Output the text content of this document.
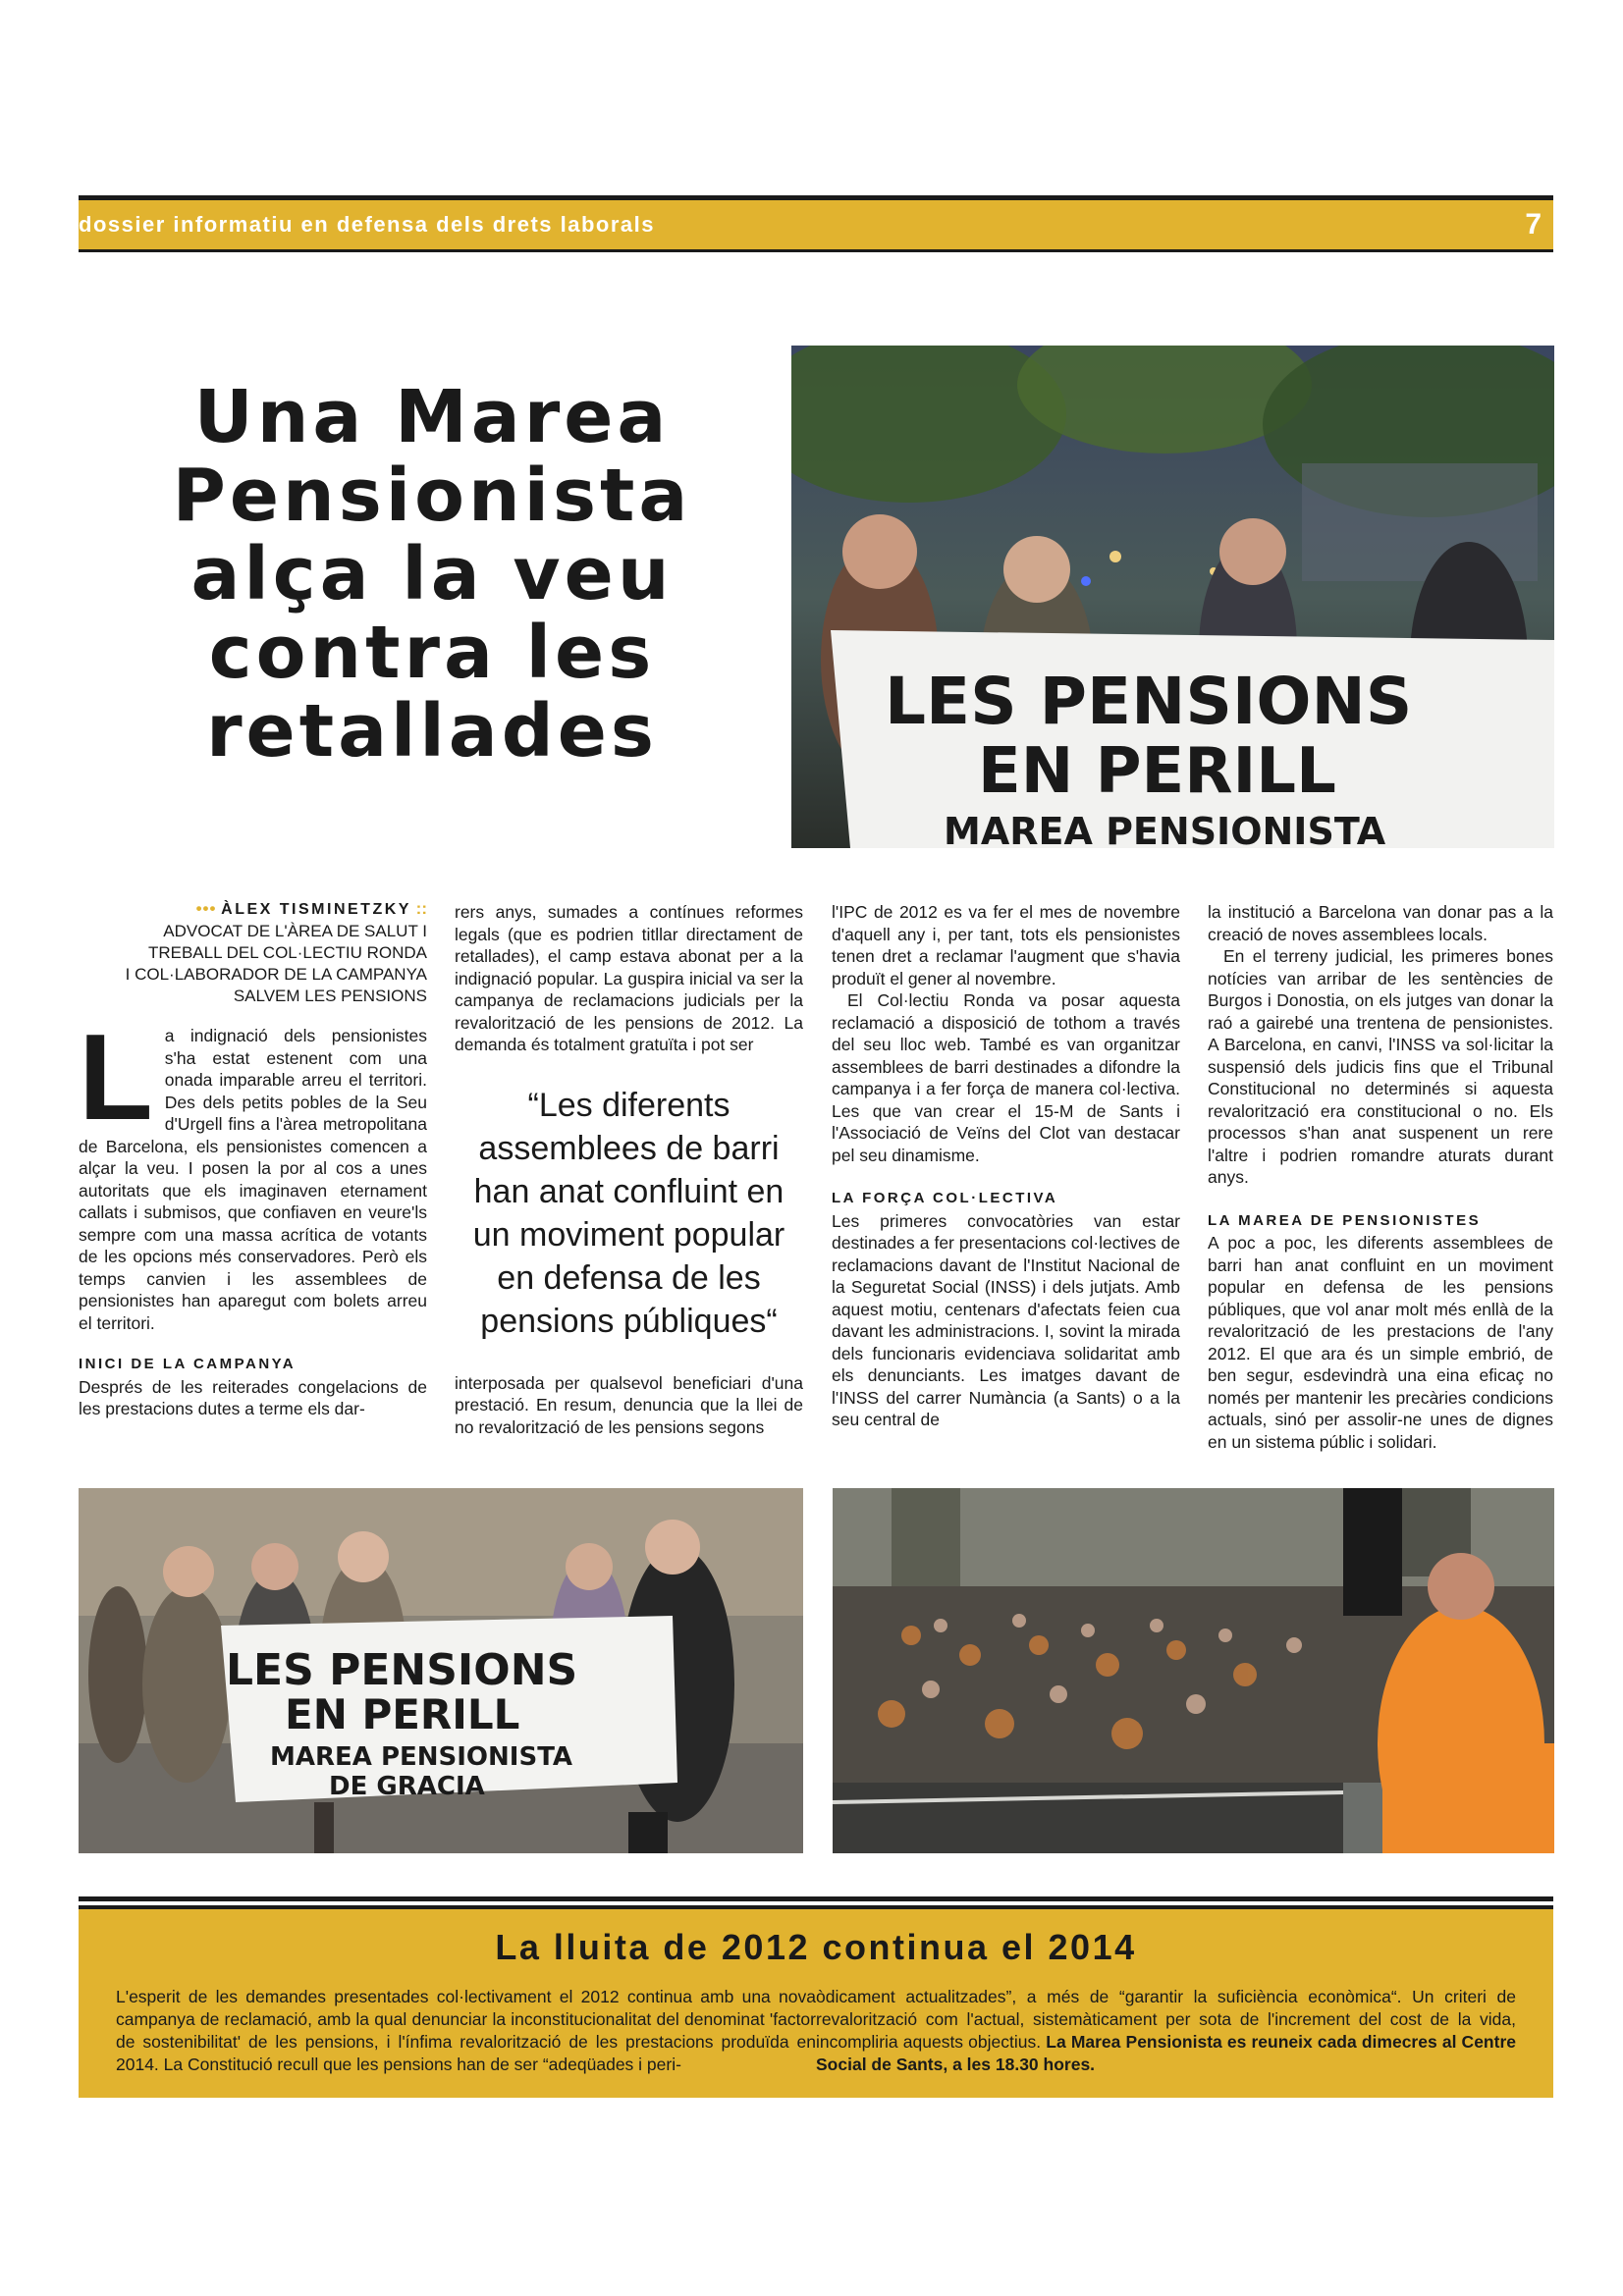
dossier informatiu en defensa dels drets laborals	7
Una Marea
Pensionista
alça la veu
contra les
retallades	LES PENSIONS
EN PERILL
MAREA PENSIONISTA
••• ÀLEX TISMINETZKY ::
ADVOCAT DE L'ÀREA DE SALUT I
TREBALL DEL COL·LECTIU RONDA
I COL·LABORADOR DE LA CAMPANYA
SALVEM LES PENSIONS
L a indignació dels pensionistes s'ha estat estenent com una onada imparable arreu el territori. Des dels petits pobles de la Seu d'Urgell fins a l'àrea metropolitana de Barcelona, els pensionistes comencen a alçar la veu. I posen la por al cos a unes autoritats que els imaginaven eternament callats i submisos, que confiaven en veure'ls sempre com una massa acrítica de votants de les opcions més conservadores. Però els temps canvien i les assemblees de pensionistes han aparegut com bolets arreu el territori.

INICI DE LA CAMPANYA

Després de les reiterades congelacions de les prestacions dutes a terme els dar-

rers anys, sumades a contínues reformes legals (que es podrien titllar directament de retallades), el camp estava abonat per a la indignació popular. La guspira inicial va ser la campanya de reclamacions judicials per la revalorització de les pensions de 2012. La demanda és totalment gratuïta i pot ser

“Les diferents assemblees de barri han anat confluint en un moviment popular en defensa de les pensions públiques“

interposada per qualsevol beneficiari d'una prestació. En resum, denuncia que la llei de no revalorització de les pensions segons

l'IPC de 2012 es va fer el mes de novembre d'aquell any i, per tant, tots els pensionistes tenen dret a reclamar l'augment que s'havia produït el gener al novembre.

El Col·lectiu Ronda va posar aquesta reclamació a disposició de tothom a través del seu lloc web. També es van organitzar assemblees de barri destinades a difondre la campanya i a fer força de manera col·lectiva. Les que van crear el 15-M de Sants i l'Associació de Veïns del Clot van destacar pel seu dinamisme.

LA FORÇA COL·LECTIVA

Les primeres convocatòries van estar destinades a fer presentacions col·lectives de reclamacions davant de l'Institut Nacional de la Seguretat Social (INSS) i dels jutjats. Amb aquest motiu, centenars d'afectats feien cua davant les administracions. I, sovint la mirada dels funcionaris evidenciava solidaritat amb els denunciants. Les imatges davant de l'INSS del carrer Numància (a Sants) o a la seu central de

la institució a Barcelona van donar pas a la creació de noves assemblees locals.

En el terreny judicial, les primeres bones notícies van arribar de les sentències de Burgos i Donostia, on els jutges van donar la raó a gairebé una trentena de pensionistes. A Barcelona, en canvi, l'INSS va sol·licitar la suspensió dels judicis fins que el Tribunal Constitucional no determinés si aquesta revalorització era constitucional o no. Els processos s'han anat suspenent un rere l'altre i podrien romandre aturats durant anys.

LA MAREA DE PENSIONISTES

A poc a poc, les diferents assemblees de barri han anat confluint en un moviment popular en defensa de les pensions públiques, que vol anar molt més enllà de la revalorització de les prestacions de l'any 2012. El que ara és un simple embrió, de ben segur, esdevindrà una eina eficaç no només per mantenir les precàries condicions actuals, sinó per assolir-ne unes de dignes en un sistema públic i solidari.

LES PENSIONS
EN PERILL
MAREA PENSIONISTA
DE GRACIA
La lluita de 2012 continua el 2014

L'esperit de les demandes presentades col·lectivament el 2012 continua amb una nova campanya de reclamació, amb la qual denunciar la inconstitucionalitat del denominat 'factor de sostenibilitat' de les pensions, i l'ínfima revalorització de les prestacions produïda en 2014. La Constitució recull que les pensions han de ser “adeqüades i peri-

òdicament actualitzades”, a més de “garantir la suficiència econòmica“. Un criteri de revalorització com l'actual, sistemàticament per sota de l'increment del cost de la vida, incompliria aquests objectius. La Marea Pensionista es reuneix cada dimecres al Centre Social de Sants, a les 18.30 hores.
